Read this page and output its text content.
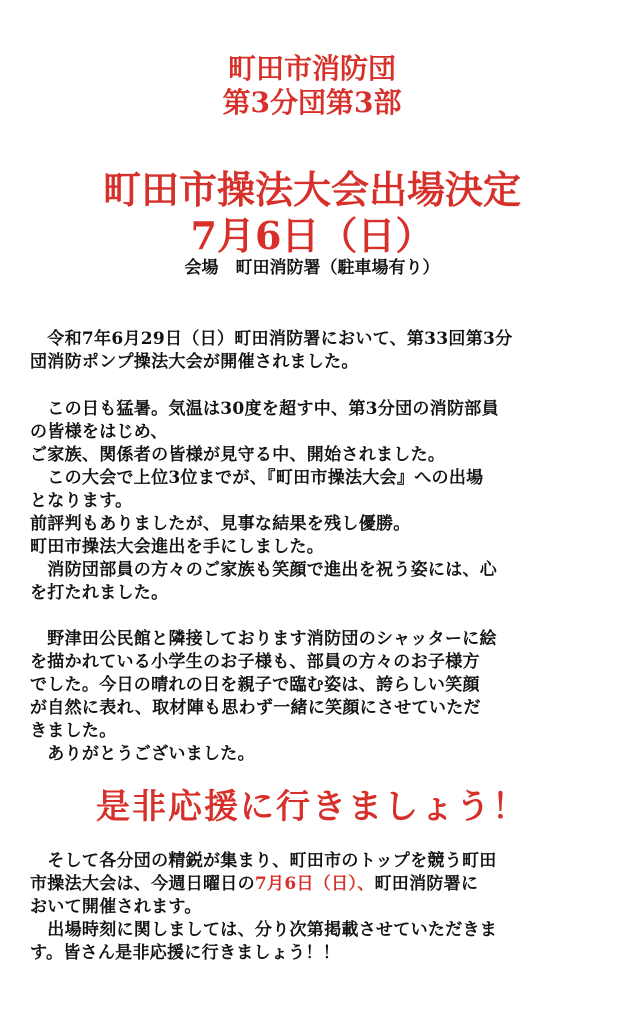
町田市消防団
第3分団第3部
町田市操法大会出場決定
7月6日（日）
会場　町田消防署（駐車場有り）

　令和7年6月29日（日）町田消防署において、第33回第3分

団消防ポンプ操法大会が開催されました。

　この日も猛暑。気温は30度を超す中、第3分団の消防部員

の皆様をはじめ、

ご家族、関係者の皆様が見守る中、開始されました。

　この大会で上位3位までが、『町田市操法大会』への出場

となります。

前評判もありましたが、見事な結果を残し優勝。

町田市操法大会進出を手にしました。

　消防団部員の方々のご家族も笑顔で進出を祝う姿には、心

を打たれました。

　野津田公民館と隣接しております消防団のシャッターに絵

を描かれている小学生のお子様も、部員の方々のお子様方

でした。今日の晴れの日を親子で臨む姿は、誇らしい笑顔

が自然に表れ、取材陣も思わず一緒に笑顔にさせていただ

きました。

　ありがとうございました。

是非応援に行きましょう！

　そして各分団の精鋭が集まり、町田市のトップを競う町田

市操法大会は、今週日曜日の7月6日（日）、町田消防署に

おいて開催されます。

　出場時刻に関しましては、分り次第掲載させていただきま

す。皆さん是非応援に行きましょう！！
